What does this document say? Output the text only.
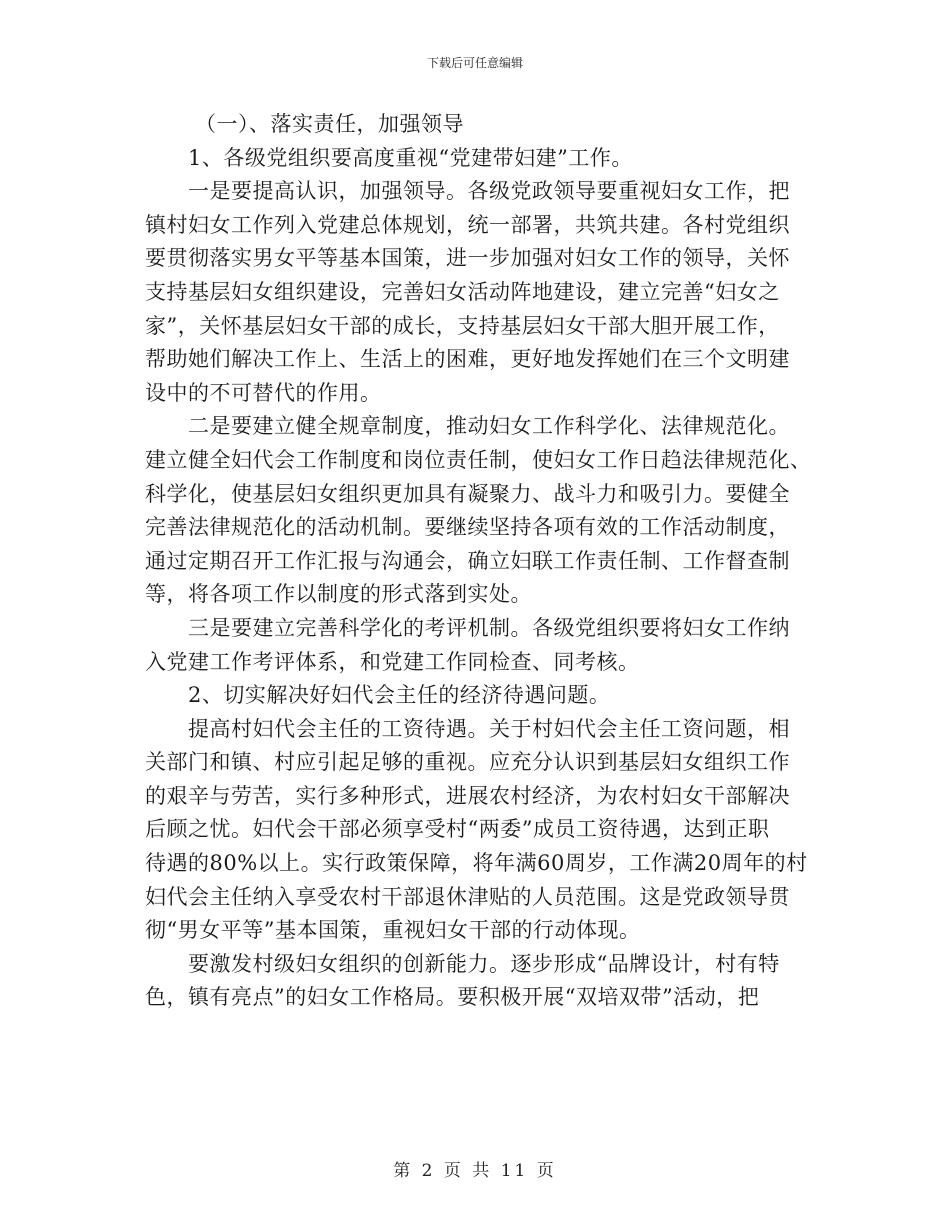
下载后可任意编辑
（一）、落实责任，加强领导
1、各级党组织要高度重视“党建带妇建”工作。
一是要提高认识，加强领导。各级党政领导要重视妇女工作，把
镇村妇女工作列入党建总体规划，统一部署，共筑共建。各村党组织
要贯彻落实男女平等基本国策，进一步加强对妇女工作的领导，关怀
支持基层妇女组织建设，完善妇女活动阵地建设，建立完善“妇女之
家”，关怀基层妇女干部的成长，支持基层妇女干部大胆开展工作，
帮助她们解决工作上、生活上的困难，更好地发挥她们在三个文明建
设中的不可替代的作用。
二是要建立健全规章制度，推动妇女工作科学化、法律规范化。
建立健全妇代会工作制度和岗位责任制，使妇女工作日趋法律规范化、
科学化，使基层妇女组织更加具有凝聚力、战斗力和吸引力。要健全
完善法律规范化的活动机制。要继续坚持各项有效的工作活动制度，
通过定期召开工作汇报与沟通会，确立妇联工作责任制、工作督查制
等，将各项工作以制度的形式落到实处。
三是要建立完善科学化的考评机制。各级党组织要将妇女工作纳
入党建工作考评体系，和党建工作同检查、同考核。
2、切实解决好妇代会主任的经济待遇问题。
提高村妇代会主任的工资待遇。关于村妇代会主任工资问题，相
关部门和镇、村应引起足够的重视。应充分认识到基层妇女组织工作
的艰辛与劳苦，实行多种形式，进展农村经济，为农村妇女干部解决
后顾之忧。妇代会干部必须享受村“两委”成员工资待遇，达到正职
待遇的80%以上。实行政策保障，将年满60周岁，工作满20周年的村
妇代会主任纳入享受农村干部退休津贴的人员范围。这是党政领导贯
彻“男女平等”基本国策，重视妇女干部的行动体现。
要激发村级妇女组织的创新能力。逐步形成“品牌设计，村有特
色，镇有亮点”的妇女工作格局。要积极开展“双培双带”活动，把
第 2 页 共 11 页
